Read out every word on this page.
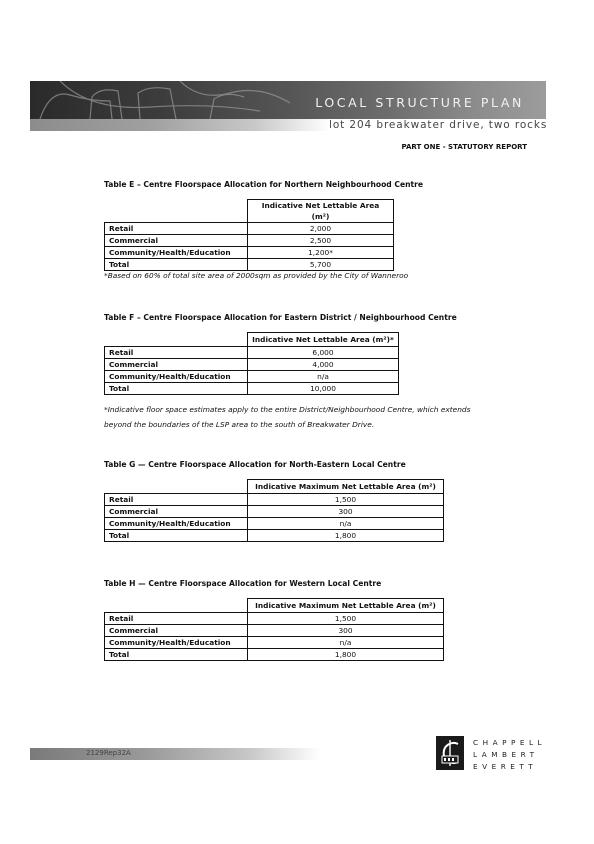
LOCAL STRUCTURE PLAN
lot 204 breakwater drive, two rocks
PART ONE - STATUTORY REPORT
Table E – Centre Floorspace Allocation for Northern Neighbourhood Centre
	Indicative Net Lettable Area (m²)
Retail	2,000
Commercial	2,500
Community/Health/Education	1,200*
Total	5,700
*Based on 60% of total site area of 2000sqm as provided by the City of Wanneroo
Table F – Centre Floorspace Allocation for Eastern District / Neighbourhood Centre
	Indicative Net Lettable Area (m²)*
Retail	6,000
Commercial	4,000
Community/Health/Education	n/a
Total	10,000
*Indicative floor space estimates apply to the entire District/Neighbourhood Centre, which extends beyond the boundaries of the LSP area to the south of Breakwater Drive.
Table G — Centre Floorspace Allocation for North-Eastern Local Centre
	Indicative Maximum Net Lettable Area (m²)
Retail	1,500
Commercial	300
Community/Health/Education	n/a
Total	1,800
Table H — Centre Floorspace Allocation for Western Local Centre
	Indicative Maximum Net Lettable Area (m²)
Retail	1,500
Commercial	300
Community/Health/Education	n/a
Total	1,800
2129Rep32A
CHAPPELL
LAMBERT
EVERETT
